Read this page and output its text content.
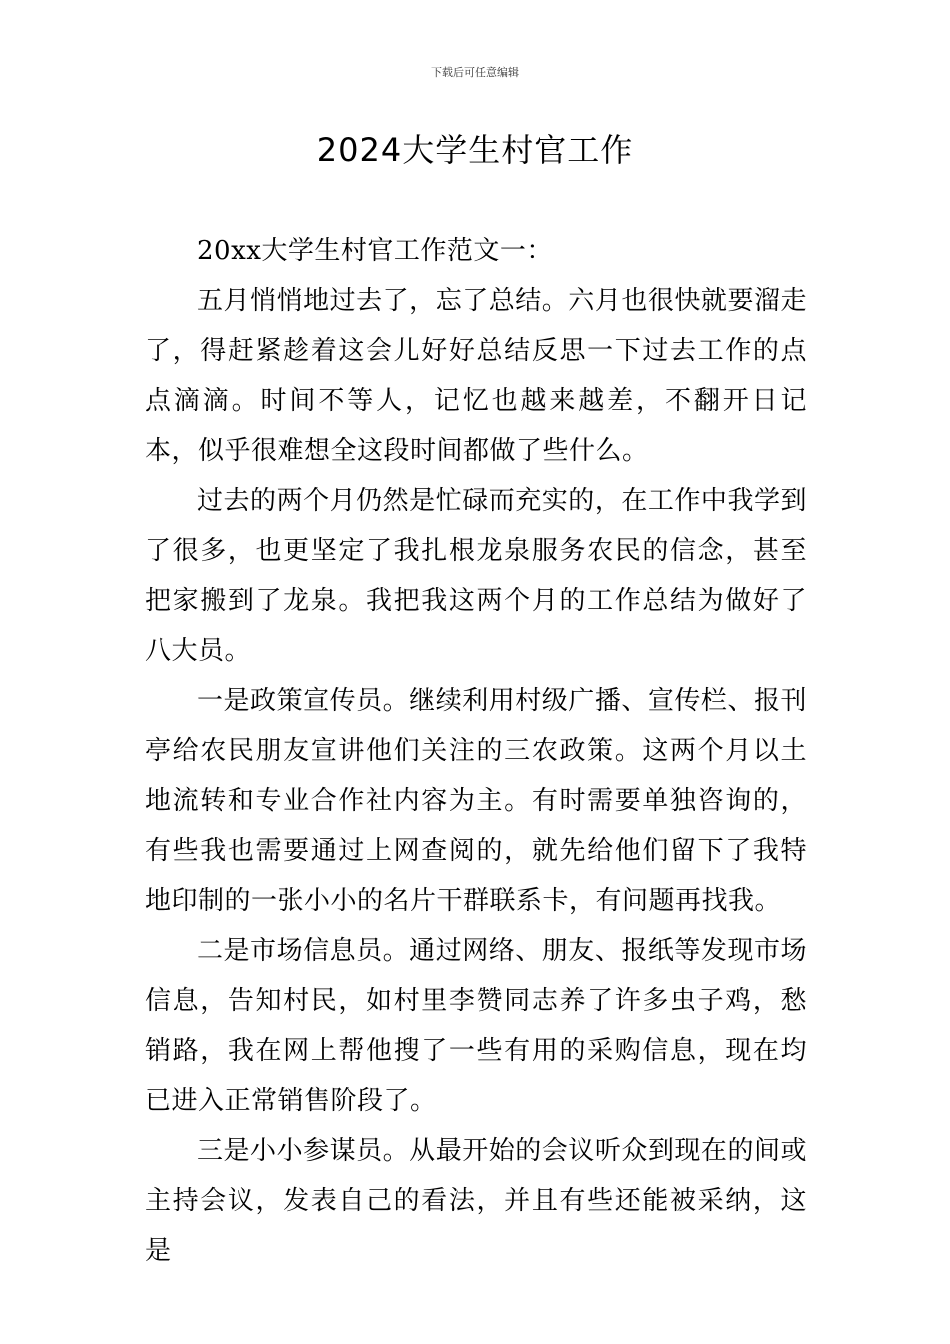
下载后可任意编辑
2024大学生村官工作

20xx大学生村官工作范文一：

五月悄悄地过去了，忘了总结。六月也很快就要溜走了，得赶紧趁着这会儿好好总结反思一下过去工作的点点滴滴。时间不等人，记忆也越来越差，不翻开日记本，似乎很难想全这段时间都做了些什么。

过去的两个月仍然是忙碌而充实的，在工作中我学到了很多，也更坚定了我扎根龙泉服务农民的信念，甚至把家搬到了龙泉。我把我这两个月的工作总结为做好了八大员。

一是政策宣传员。继续利用村级广播、宣传栏、报刊亭给农民朋友宣讲他们关注的三农政策。这两个月以土地流转和专业合作社内容为主。有时需要单独咨询的，有些我也需要通过上网查阅的，就先给他们留下了我特地印制的一张小小的名片干群联系卡，有问题再找我。

二是市场信息员。通过网络、朋友、报纸等发现市场信息，告知村民，如村里李赞同志养了许多虫子鸡，愁销路，我在网上帮他搜了一些有用的采购信息，现在均已进入正常销售阶段了。

三是小小参谋员。从最开始的会议听众到现在的间或主持会议，发表自己的看法，并且有些还能被采纳，这是
